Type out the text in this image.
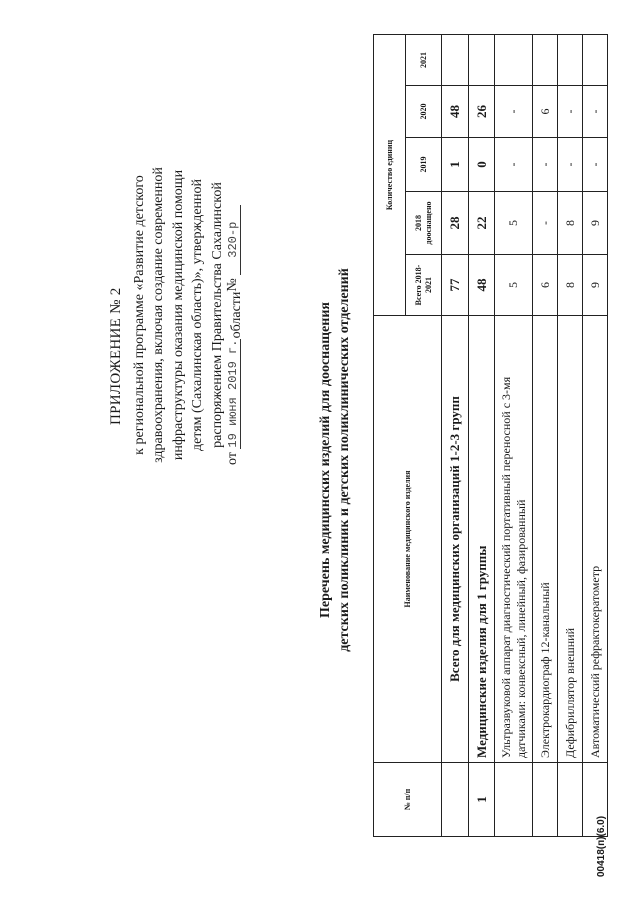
ПРИЛОЖЕНИЕ № 2 к региональной программе «Развитие детского здравоохранения, включая создание современной инфраструктуры оказания медицинской помощи детям (Сахалинская область)», утвержденной распоряжением Правительства Сахалинской области
от 19 июня 2019 г.  № 320-р
Перечень медицинских изделий для дооснащения детских поликлиник и детских поликлинических отделений
№ п/п	Наименование медицинского изделия	Количество единиц				
		Всего 2018-2021	2018 дооснащено	2019	2020	2021
	Всего для медицинских организаций 1-2-3 групп	77	28	1	48	
1	Медицинские изделия для 1 группы	48	22	0	26	
	Ультразвуковой аппарат диагностический портативный переносной с 3-мя датчиками: конвексный, линейный, фазированный	5	5	-	-	
	Электрокардиограф 12-канальный	6	-	-	6	
	Дефибриллятор внешний	8	8	-	-	
	Автоматический рефрактокератометр	9	9	-	-	
00418(п)(6.0)
